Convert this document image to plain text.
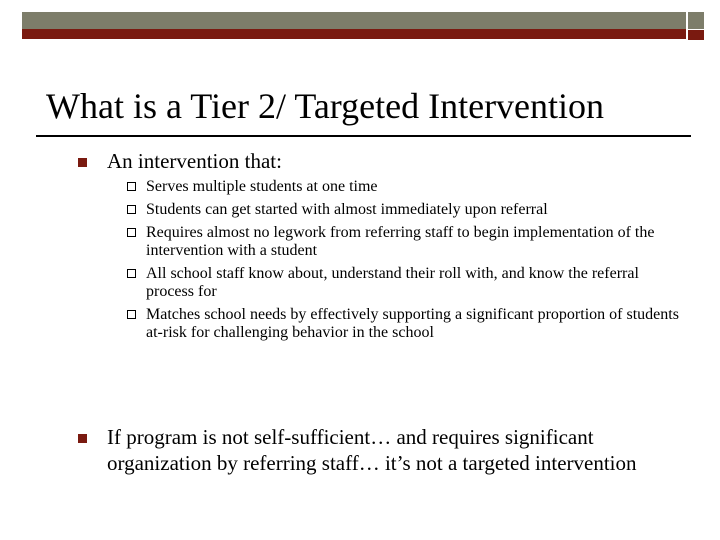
What is a Tier 2/ Targeted Intervention
An intervention that:
Serves multiple students at one time
Students can get started with almost immediately upon referral
Requires almost no legwork from referring staff to begin implementation of the intervention with a student
All school staff know about, understand their roll with, and know the referral process for
Matches school needs by effectively supporting a significant proportion of students at-risk for challenging behavior in the school
If program is not self-sufficient… and requires significant organization by referring staff… it’s not a targeted intervention
